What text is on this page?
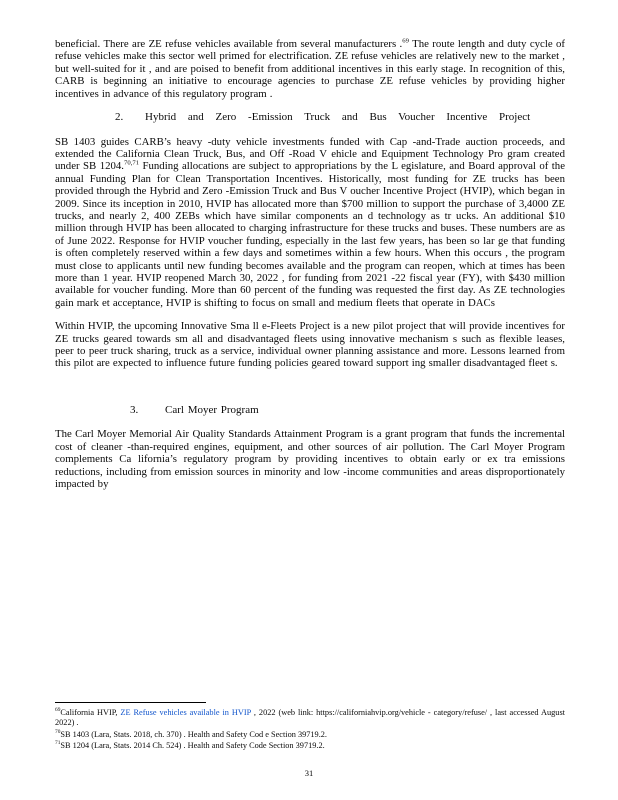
beneficial. There are ZE refuse vehicles available from several manufacturers .$^{69}$ The route length and duty cycle of refuse vehicles make this sector well primed for electrification. ZE refuse vehicles are relatively new to the market , but well-suited for it , and are poised to benefit from additional incentives in this early stage. In recognition of this, CARB is beginning an initiative to encourage agencies to purchase ZE refuse vehicles by providing higher incentives in advance of this regulatory program .

2.	Hybrid and Zero -Emission Truck and Bus Voucher Incentive Project

SB 1403 guides CARB’s heavy -duty vehicle investments funded with Cap -and-Trade auction proceeds, and extended the California Clean Truck, Bus, and Off -Road V ehicle and Equipment Technology Pro gram created under SB 1204.$^{70,71}$ Funding allocations are subject to appropriations by the L egislature, and Board approval of the annual Funding Plan for Clean Transportation Incentives. Historically, most funding for ZE trucks has been provided through the Hybrid and Zero -Emission Truck and Bus V oucher Incentive Project (HVIP), which began in 2009. Since its inception in 2010, HVIP has allocated more than $700 million to support the purchase of 3,4000 ZE trucks, and nearly 2, 400 ZEBs which have similar components an d technology as tr ucks. An additional $10 million through HVIP has been allocated to charging infrastructure for these trucks and buses. These numbers are as of June 2022. Response for HVIP voucher funding, especially in the last few years, has been so lar ge that funding is often completely reserved within a few days and sometimes within a few hours. When this occurs , the program must close to applicants until new funding becomes available and the program can reopen, which at times has been more than 1 year. HVIP reopened March 30, 2022 , for funding from 2021 -22 fiscal year (FY), with $430 million available for voucher funding. More than 60 percent of the funding was requested the first day. As ZE technologies gain mark et acceptance, HVIP is shifting to focus on small and medium fleets that operate in DACs

Within HVIP, the upcoming Innovative Sma ll e-Fleets Project is a new pilot project that will provide incentives for ZE trucks geared towards sm all and disadvantaged fleets using innovative mechanism s such as flexible leases, peer to peer truck sharing, truck as a service, individual owner planning assistance and more. Lessons learned from this pilot are expected to influence future funding policies geared toward support ing smaller disadvantaged fleet s.

3.	Carl Moyer Program

The Carl Moyer Memorial Air Quality Standards Attainment Program is a grant program that funds the incremental cost of cleaner -than-required engines, equipment, and other sources of air pollution. The Carl Moyer Program complements Ca lifornia’s regulatory program by providing incentives to obtain early or ex tra emissions reductions, including from emission sources in minority and low -income communities and areas disproportionately impacted by

$^{69}$California HVIP, ZE Refuse vehicles available in HVIP , 2022 (web link: https://californiahvip.org/vehicle - category/refuse/ , last accessed August 2022) .

$^{70}$SB 1403 (Lara, Stats. 2018, ch. 370) . Health and Safety Cod e Section 39719.2.

$^{71}$SB 1204 (Lara, Stats. 2014 Ch. 524) . Health and Safety Code Section 39719.2.

31
